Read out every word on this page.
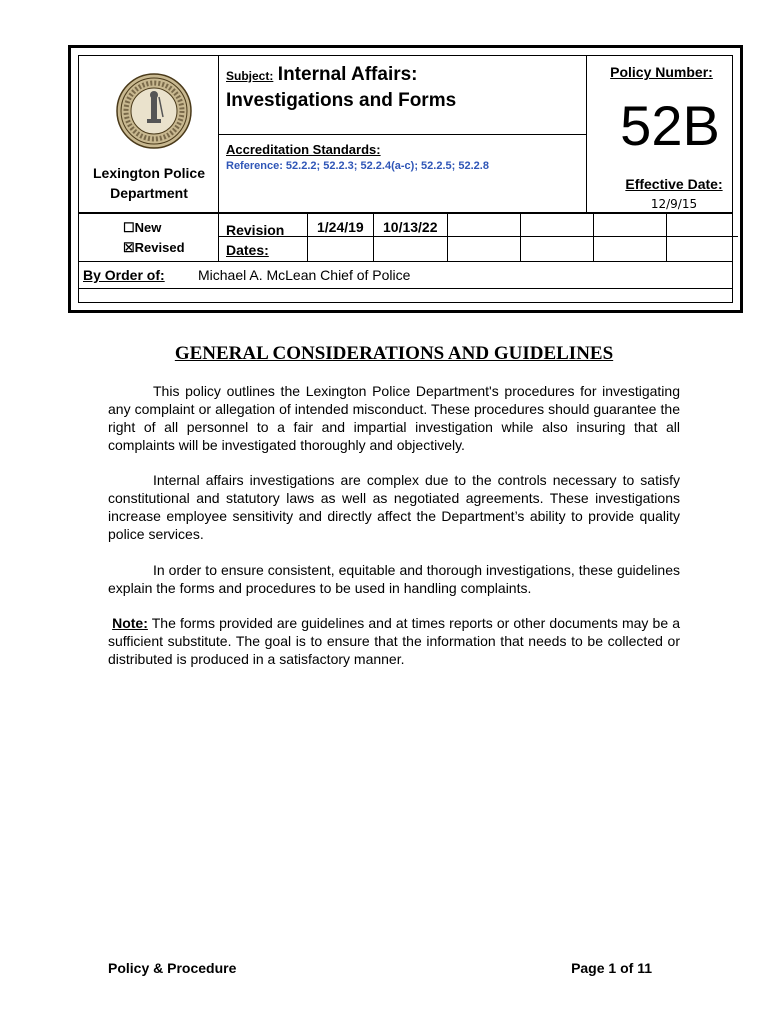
Lexington Police
Department
Subject: Internal Affairs:
Investigations and Forms
Accreditation Standards:
Reference: 52.2.2; 52.2.3; 52.2.4(a-c); 52.2.5; 52.2.8
Policy Number:
52B
Effective Date:
12/9/15
☐New
☒Revised
Revision
Dates:
1/24/19 10/13/22
By Order of: Michael A. McLean Chief of Police
GENERAL CONSIDERATIONS AND GUIDELINES

This policy outlines the Lexington Police Department's procedures for investigating any complaint or allegation of intended misconduct. These procedures should guarantee the right of all personnel to a fair and impartial investigation while also insuring that all complaints will be investigated thoroughly and objectively.

Internal affairs investigations are complex due to the controls necessary to satisfy constitutional and statutory laws as well as negotiated agreements. These investigations increase employee sensitivity and directly affect the Department’s ability to provide quality police services.

In order to ensure consistent, equitable and thorough investigations, these guidelines explain the forms and procedures to be used in handling complaints.

Note: The forms provided are guidelines and at times reports or other documents may be a sufficient substitute. The goal is to ensure that the information that needs to be collected or distributed is produced in a satisfactory manner.

Policy & Procedure	Page 1 of 11
